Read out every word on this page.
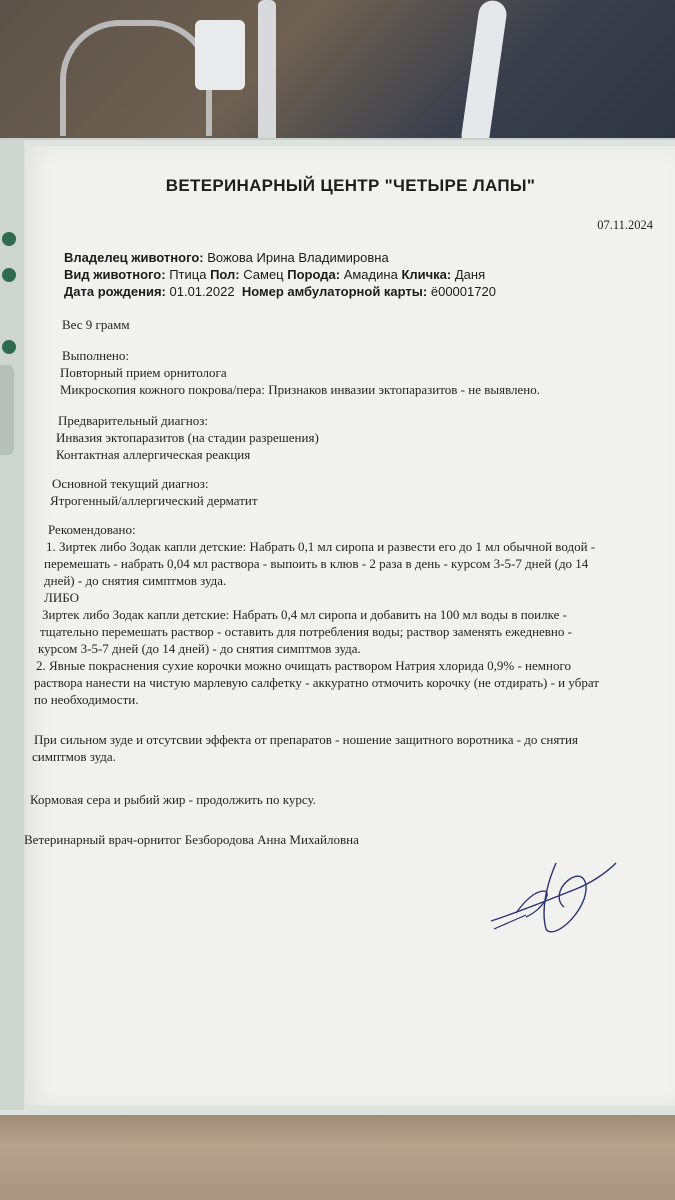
ВЕТЕРИНАРНЫЙ ЦЕНТР "ЧЕТЫРЕ ЛАПЫ"
07.11.2024
Владелец животного: Вожова Ирина Владимировна
Вид животного: Птица Пол: Самец Порода: Амадина Кличка: Даня
Дата рождения: 01.01.2022 Номер амбулаторной карты: ё00001720
Вес 9 грамм
Выполнено:
Повторный прием орнитолога
Микроскопия кожного покрова/пера: Признаков инвазии эктопаразитов - не выявлено.
Предварительный диагноз:
Инвазия эктопаразитов (на стадии разрешения)
Контактная аллергическая реакция
Основной текущий диагноз:
Ятрогенный/аллергический дерматит
Рекомендовано:
1. Зиртек либо Зодак капли детские: Набрать 0,1 мл сиропа и развести его до 1 мл обычной водой -
перемешать - набрать 0,04 мл раствора - выпоить в клюв - 2 раза в день - курсом 3-5-7 дней (до 14
дней) - до снятия симптмов зуда.
ЛИБО
Зиртек либо Зодак капли детские: Набрать 0,4 мл сиропа и добавить на 100 мл воды в поилке -
тщательно перемешать раствор - оставить для потребления воды; раствор заменять ежедневно -
курсом 3-5-7 дней (до 14 дней) - до снятия симптмов зуда.
2. Явные покраснения сухие корочки можно очищать раствором Натрия хлорида 0,9% - немного
раствора нанести на чистую марлевую салфетку - аккуратно отмочить корочку (не отдирать) - и убрат
по необходимости.
При сильном зуде и отсутсвии эффекта от препаратов - ношение защитного воротника - до снятия
симптмов зуда.
Кормовая сера и рыбий жир - продолжить по курсу.
Ветеринарный врач-орнитог Безбородова Анна Михайловна
